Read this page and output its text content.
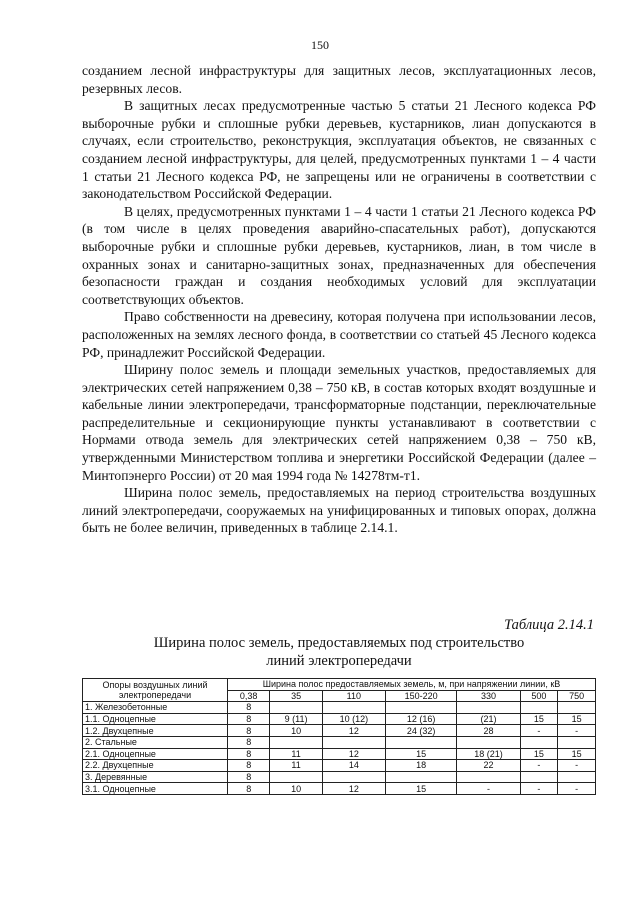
150

созданием лесной инфраструктуры для защитных лесов, эксплуатационных лесов, резервных лесов.

В защитных лесах предусмотренные частью 5 статьи 21 Лесного кодекса РФ выборочные рубки и сплошные рубки деревьев, кустарников, лиан допускаются в случаях, если строительство, реконструкция, эксплуатация объектов, не связанных с созданием лесной инфраструктуры, для целей, предусмотренных пунктами 1 – 4 части 1 статьи 21 Лесного кодекса РФ, не запрещены или не ограничены в соответствии с законодательством Российской Федерации.

В целях, предусмотренных пунктами 1 – 4 части 1 статьи 21 Лесного кодекса РФ (в том числе в целях проведения аварийно-спасательных работ), допускаются выборочные рубки и сплошные рубки деревьев, кустарников, лиан, в том числе в охранных зонах и санитарно-защитных зонах, предназначенных для обеспечения безопасности граждан и создания необходимых условий для эксплуатации соответствующих объектов.

Право собственности на древесину, которая получена при использовании лесов, расположенных на землях лесного фонда, в соответствии со статьей 45 Лесного кодекса РФ, принадлежит Российской Федерации.

Ширину полос земель и площади земельных участков, предоставляемых для электрических сетей напряжением 0,38 – 750 кВ, в состав которых входят воздушные и кабельные линии электропередачи, трансформаторные подстанции, переключательные распределительные и секционирующие пункты устанавливают в соответствии с Нормами отвода земель для электрических сетей напряжением 0,38 – 750 кВ, утвержденными Министерством топлива и энергетики Российской Федерации (далее – Минтопэнерго России) от 20 мая 1994 года № 14278тм-т1.

Ширина полос земель, предоставляемых на период строительства воздушных линий электропередачи, сооружаемых на унифицированных и типовых опорах, должна быть не более величин, приведенных в таблице 2.14.1.

Таблица 2.14.1
Ширина полос земель, предоставляемых под строительство
линий электропередачи
Опоры воздушных линий электропередачи	Ширина полос предоставляемых земель, м, при напряжении линии, кВ						
	0,38	35	110	150-220	330	500	750
1. Железобетонные	8						
1.1. Одноцепные	8	9 (11)	10 (12)	12 (16)	(21)	15	15
1.2. Двухцепные	8	10	12	24 (32)	28	-	-
2. Стальные	8						
2.1. Одноцепные	8	11	12	15	18 (21)	15	15
2.2. Двухцепные	8	11	14	18	22	-	-
3. Деревянные	8						
3.1. Одноцепные	8	10	12	15	-	-	-
